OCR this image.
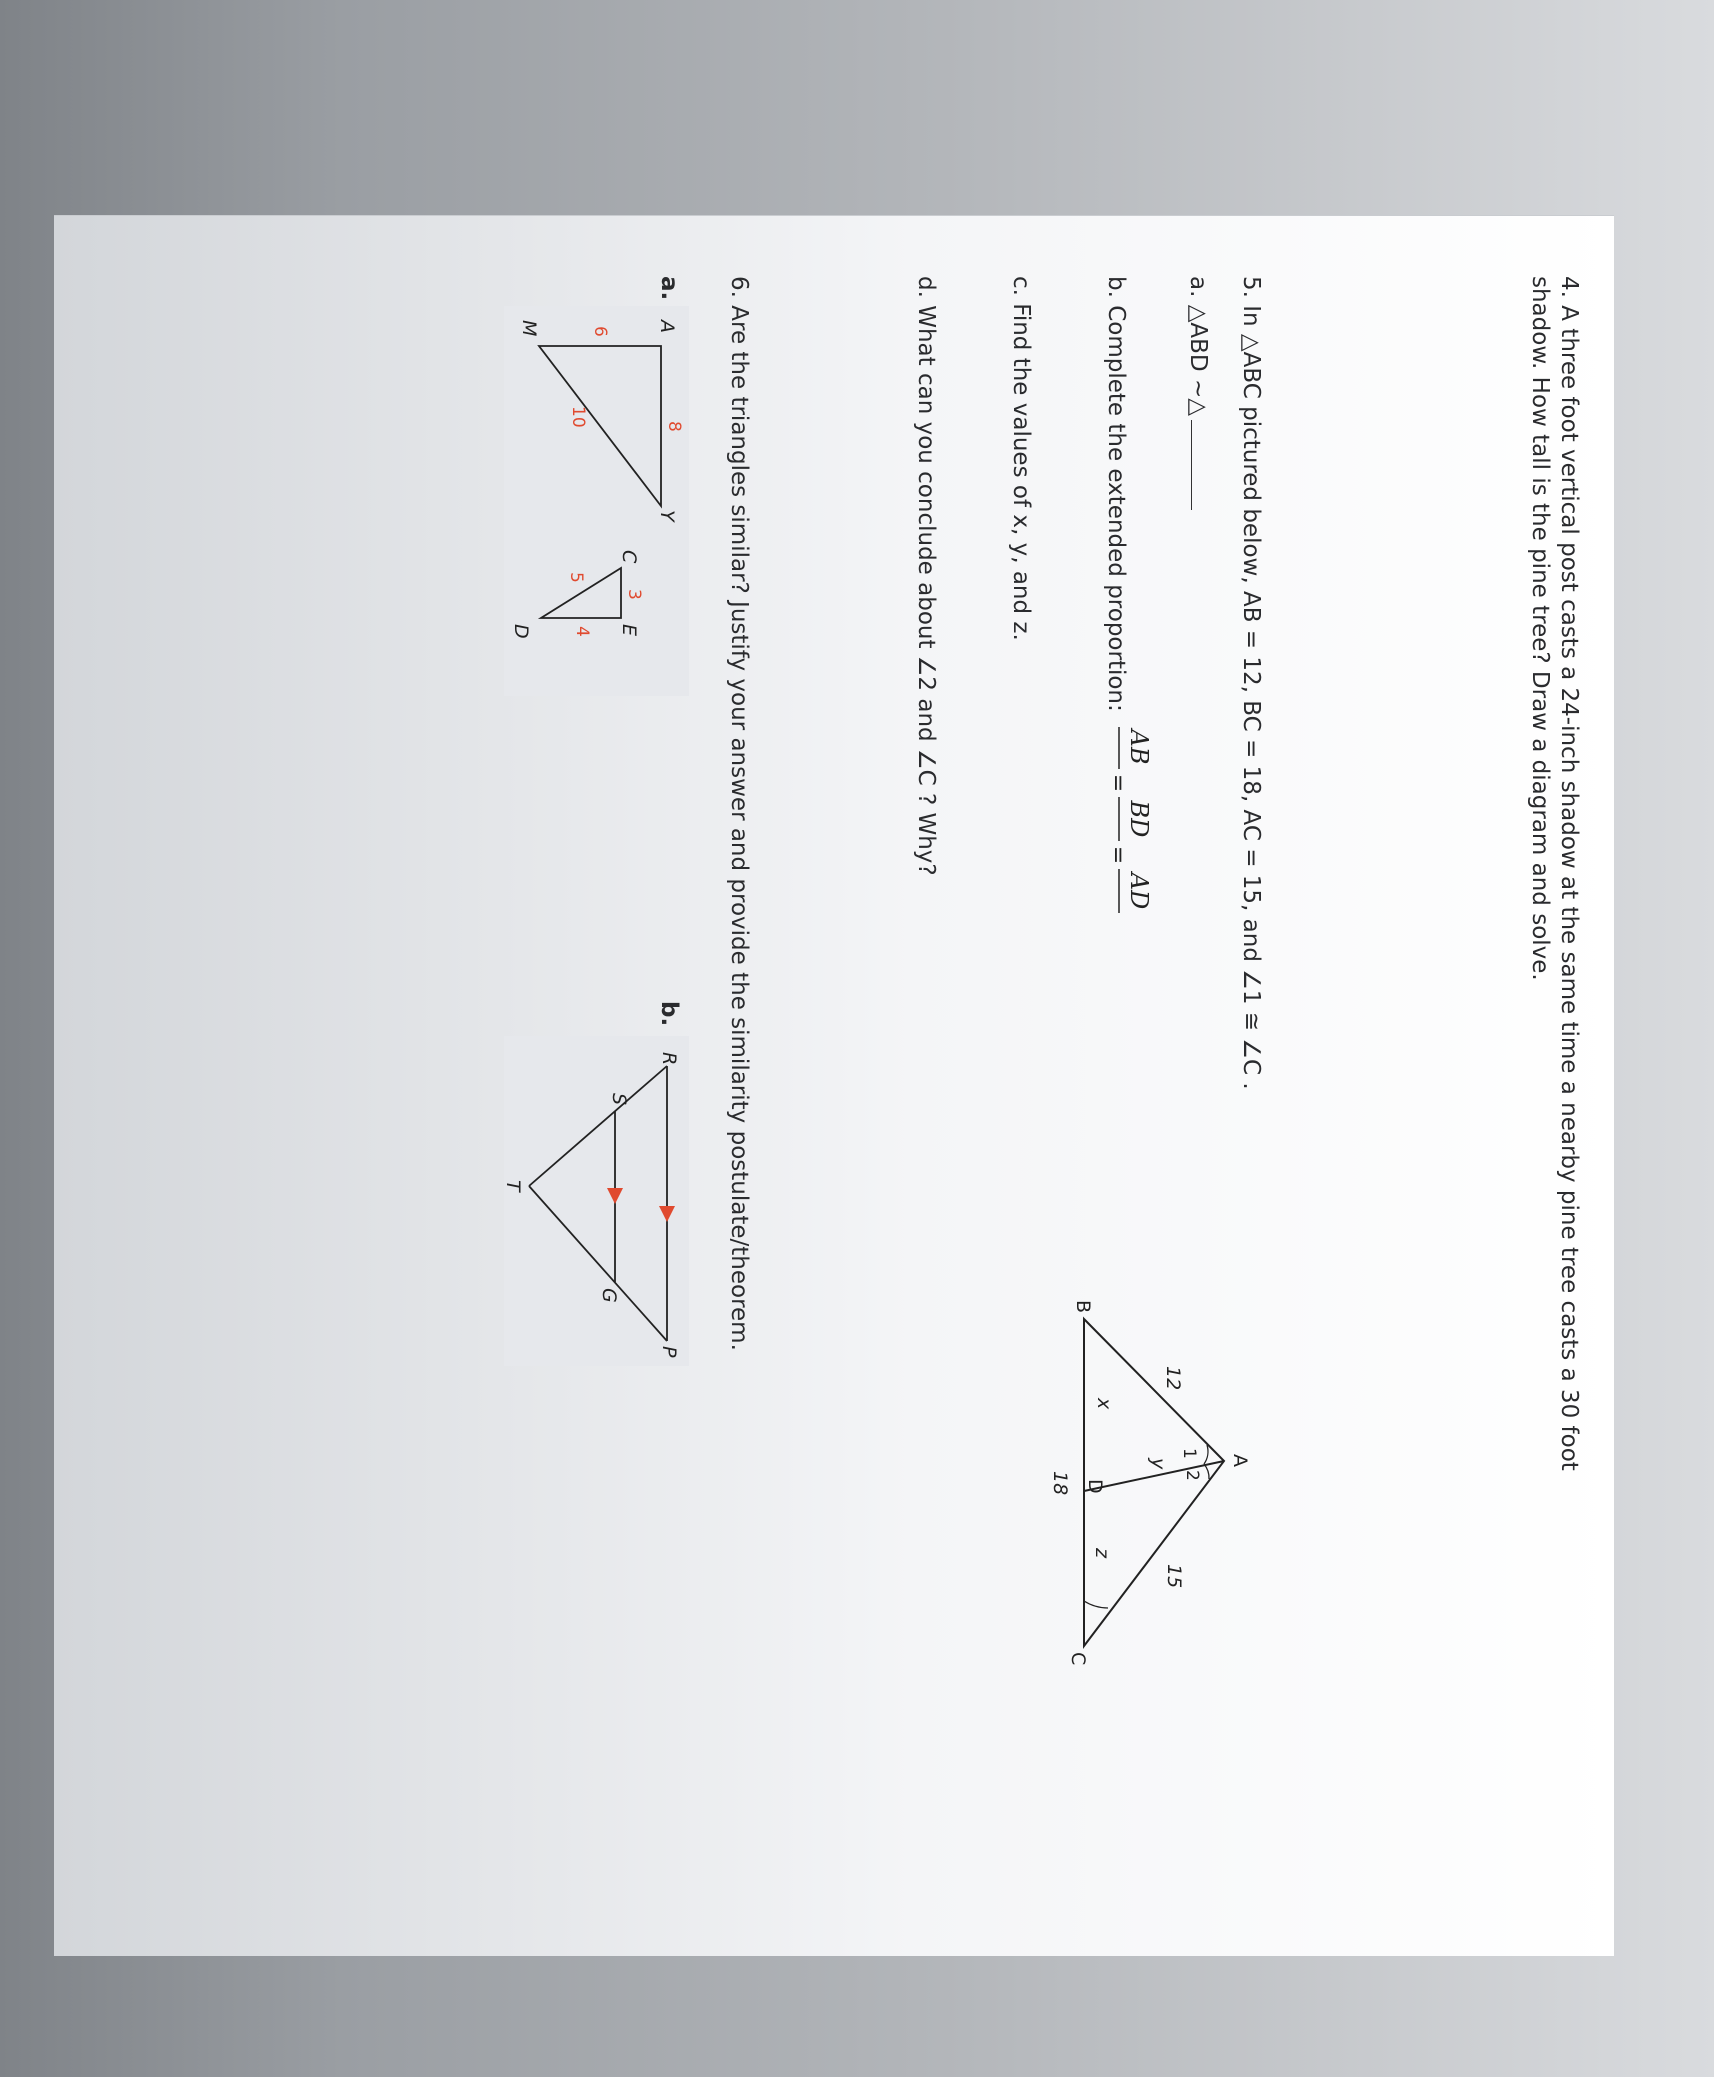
4. A three foot vertical post casts a 24-inch shadow at the same time a nearby pine tree casts a 30 foot
shadow. How tall is the pine tree? Draw a diagram and solve.
5. In △ABC pictured below, AB = 12, BC = 18, AC = 15, and ∠1 ≅ ∠C .
a. △ABD ~△
b. Complete the extended proportion:
AB
=
BD
=
AD
c. Find the values of x, y, and z.
d. What can you conclude about ∠2 and ∠C ? Why?
A
B
C
D
1
2
12
15
18
x
y
z
6. Are the triangles similar? Justify your answer and provide the similarity postulate/theorem.
a.
A
Y
M
8
6
10
C
E
D
3
5
4
b.
R
P
S
G
T
